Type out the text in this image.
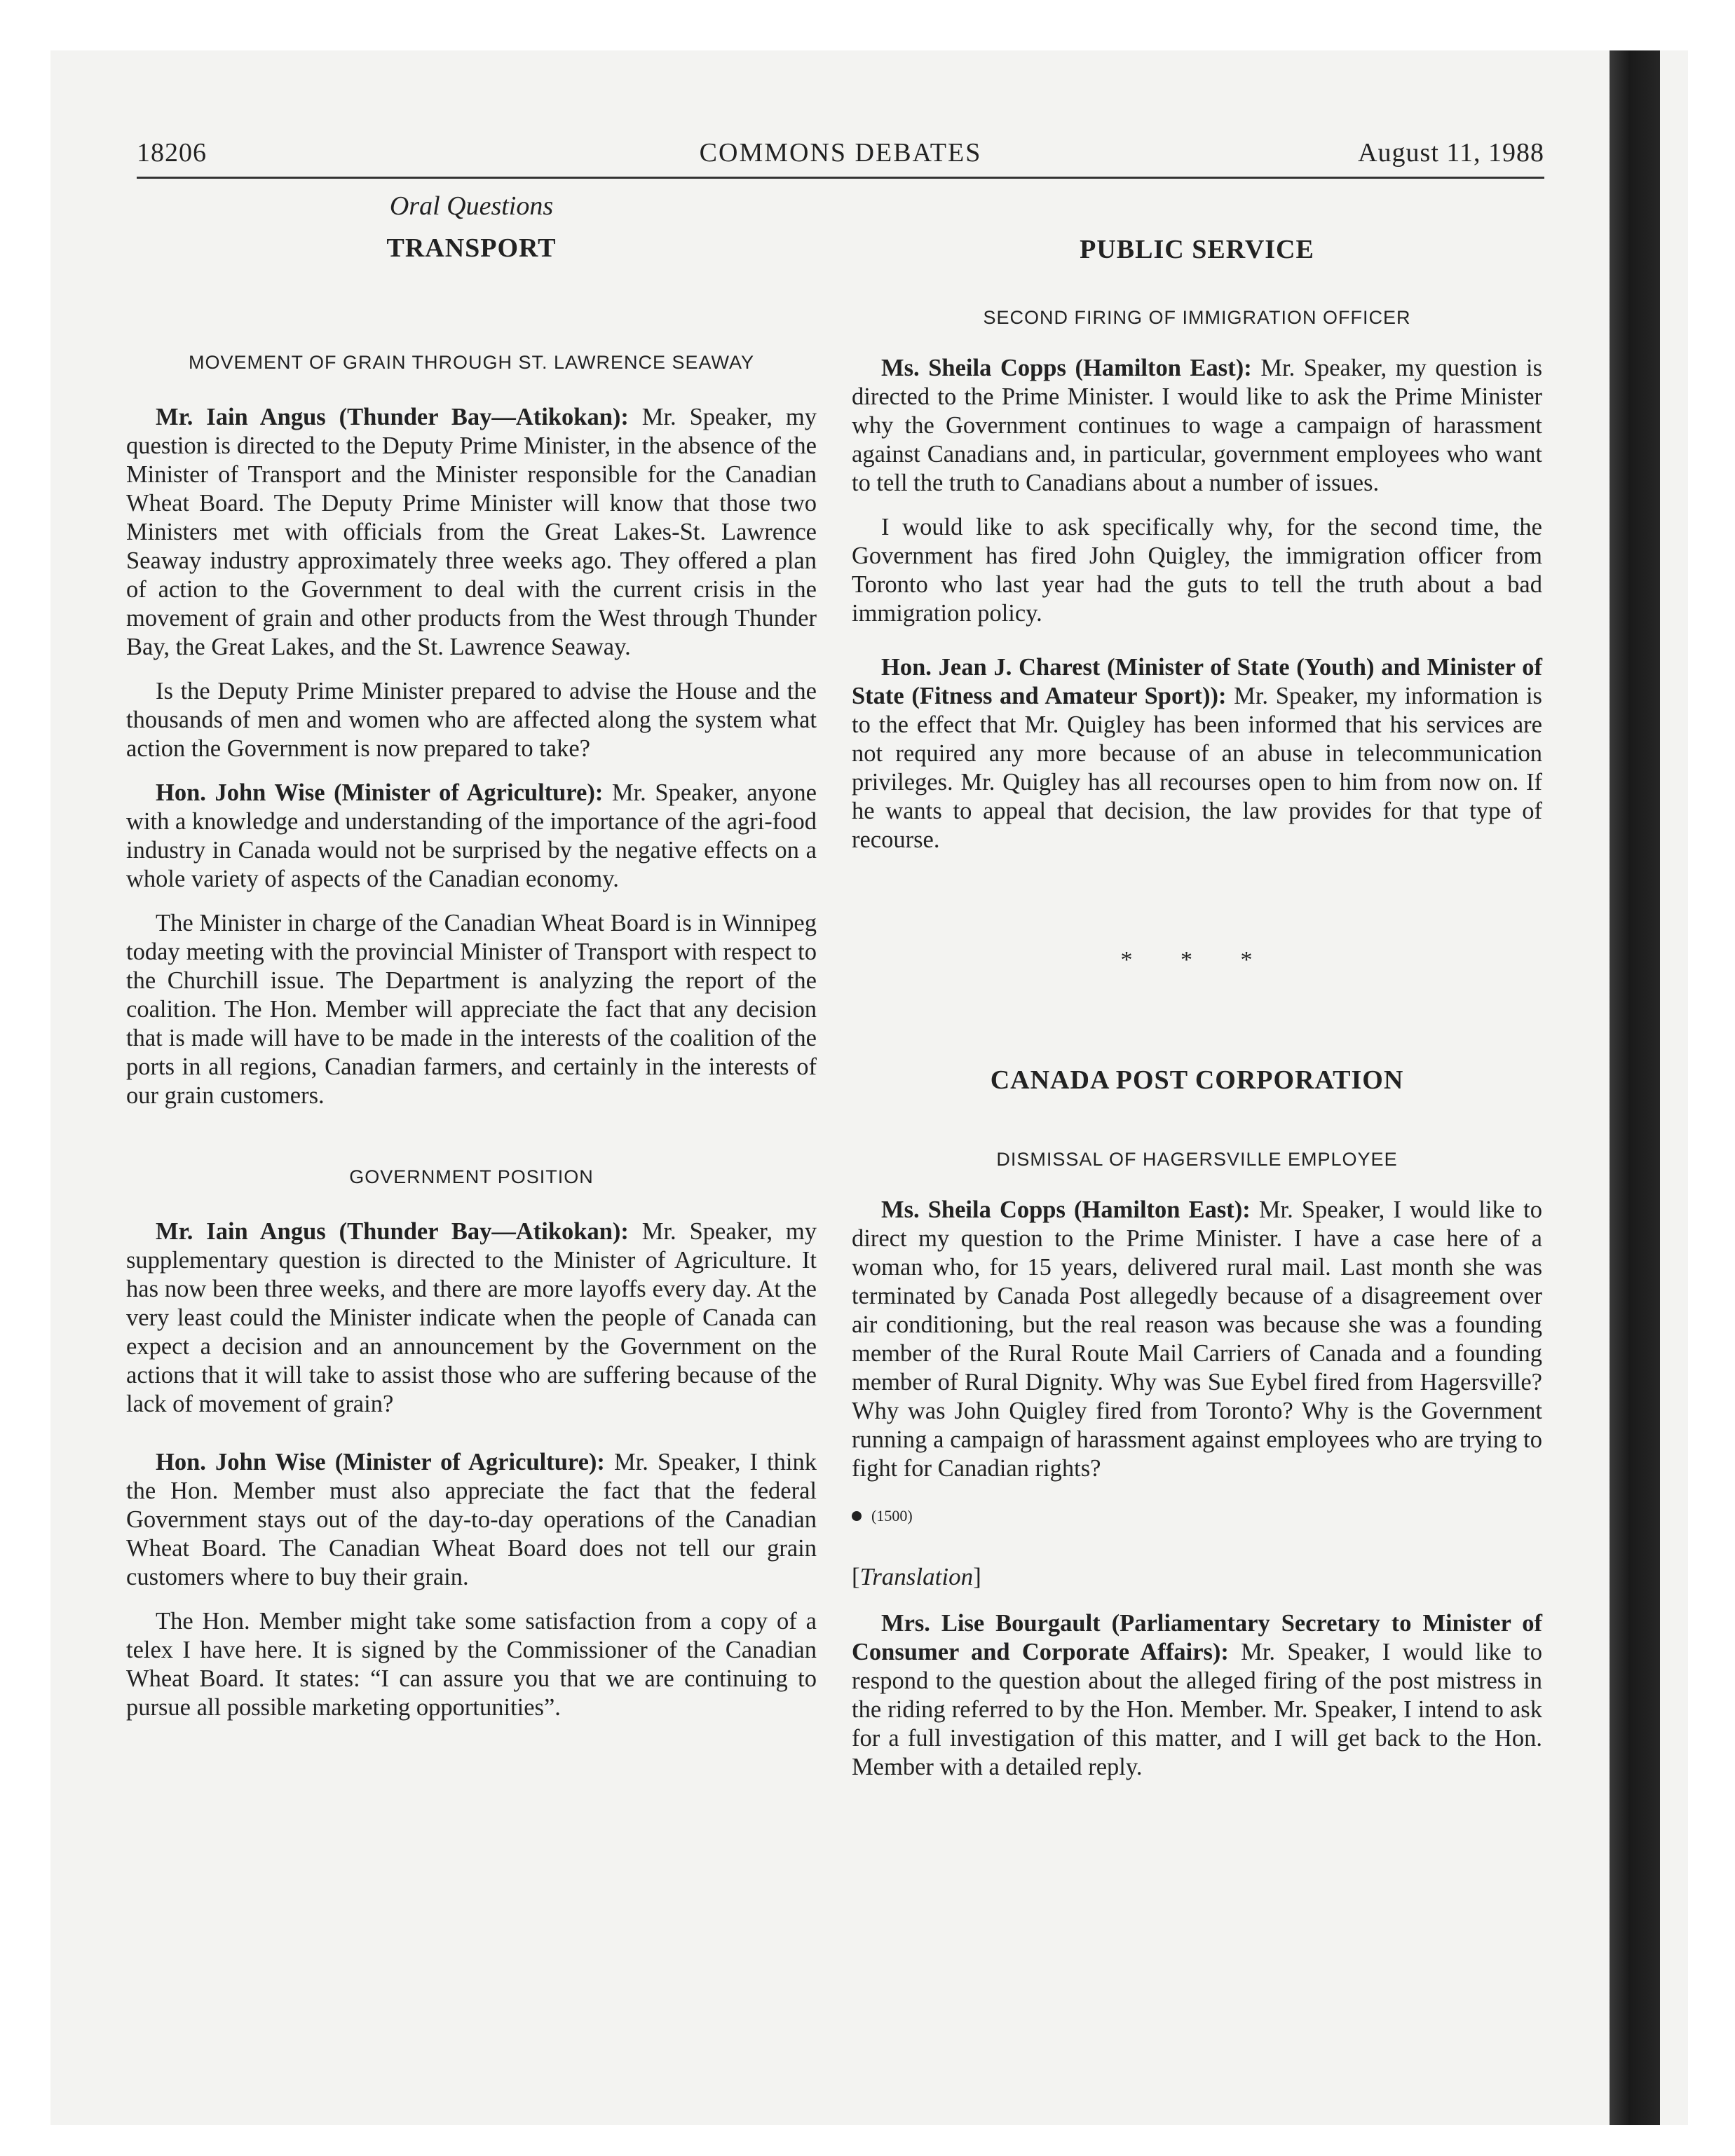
18206	COMMONS DEBATES	August 11, 1988
Oral Questions
TRANSPORT
MOVEMENT OF GRAIN THROUGH ST. LAWRENCE SEAWAY

Mr. Iain Angus (Thunder Bay—Atikokan): Mr. Speaker, my question is directed to the Deputy Prime Minister, in the absence of the Minister of Transport and the Minister responsible for the Canadian Wheat Board. The Deputy Prime Minister will know that those two Ministers met with officials from the Great Lakes-St. Lawrence Seaway industry approximately three weeks ago. They offered a plan of action to the Government to deal with the current crisis in the movement of grain and other products from the West through Thunder Bay, the Great Lakes, and the St. Lawrence Seaway.

Is the Deputy Prime Minister prepared to advise the House and the thousands of men and women who are affected along the system what action the Government is now prepared to take?

Hon. John Wise (Minister of Agriculture): Mr. Speaker, anyone with a knowledge and understanding of the importance of the agri-food industry in Canada would not be surprised by the negative effects on a whole variety of aspects of the Canadian economy.

The Minister in charge of the Canadian Wheat Board is in Winnipeg today meeting with the provincial Minister of Transport with respect to the Churchill issue. The Department is analyzing the report of the coalition. The Hon. Member will appreciate the fact that any decision that is made will have to be made in the interests of the coalition of the ports in all regions, Canadian farmers, and certainly in the interests of our grain customers.

GOVERNMENT POSITION

Mr. Iain Angus (Thunder Bay—Atikokan): Mr. Speaker, my supplementary question is directed to the Minister of Agriculture. It has now been three weeks, and there are more layoffs every day. At the very least could the Minister indicate when the people of Canada can expect a decision and an announcement by the Government on the actions that it will take to assist those who are suffering because of the lack of movement of grain?

Hon. John Wise (Minister of Agriculture): Mr. Speaker, I think the Hon. Member must also appreciate the fact that the federal Government stays out of the day-to-day operations of the Canadian Wheat Board. The Canadian Wheat Board does not tell our grain customers where to buy their grain.

The Hon. Member might take some satisfaction from a copy of a telex I have here. It is signed by the Commissioner of the Canadian Wheat Board. It states: “I can assure you that we are continuing to pursue all possible marketing opportunities”.

PUBLIC SERVICE
SECOND FIRING OF IMMIGRATION OFFICER

Ms. Sheila Copps (Hamilton East): Mr. Speaker, my question is directed to the Prime Minister. I would like to ask the Prime Minister why the Government continues to wage a campaign of harassment against Canadians and, in particular, government employees who want to tell the truth to Canadians about a number of issues.

I would like to ask specifically why, for the second time, the Government has fired John Quigley, the immigration officer from Toronto who last year had the guts to tell the truth about a bad immigration policy.

Hon. Jean J. Charest (Minister of State (Youth) and Minister of State (Fitness and Amateur Sport)): Mr. Speaker, my information is to the effect that Mr. Quigley has been informed that his services are not required any more because of an abuse in telecommunication privileges. Mr. Quigley has all recourses open to him from now on. If he wants to appeal that decision, the law provides for that type of recourse.

* * *
CANADA POST CORPORATION
DISMISSAL OF HAGERSVILLE EMPLOYEE

Ms. Sheila Copps (Hamilton East): Mr. Speaker, I would like to direct my question to the Prime Minister. I have a case here of a woman who, for 15 years, delivered rural mail. Last month she was terminated by Canada Post allegedly because of a disagreement over air conditioning, but the real reason was because she was a founding member of the Rural Route Mail Carriers of Canada and a founding member of Rural Dignity. Why was Sue Eybel fired from Hagersville? Why was John Quigley fired from Toronto? Why is the Government running a campaign of harassment against employees who are trying to fight for Canadian rights?

(1500)
[Translation]

Mrs. Lise Bourgault (Parliamentary Secretary to Minister of Consumer and Corporate Affairs): Mr. Speaker, I would like to respond to the question about the alleged firing of the post mistress in the riding referred to by the Hon. Member. Mr. Speaker, I intend to ask for a full investigation of this matter, and I will get back to the Hon. Member with a detailed reply.
